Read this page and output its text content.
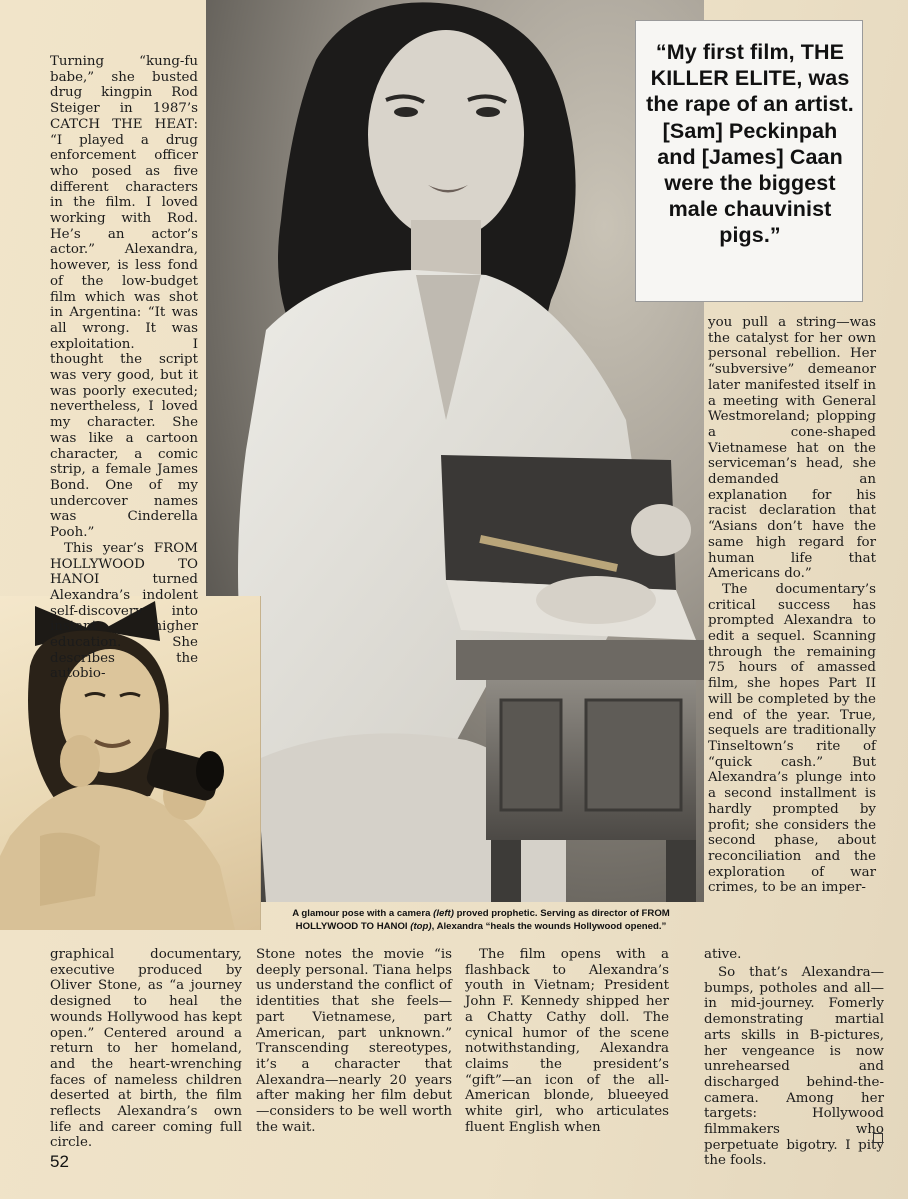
“My first film, THE KILLER ELITE, was the rape of an artist. [Sam] Peckinpah and [James] Caan were the biggest male chauvinist pigs.”

Turning “kung-fu babe,” she busted drug kingpin Rod Steiger in 1987’s CATCH THE HEAT: “I played a drug enforcement officer who posed as five different characters in the film. I loved working with Rod. He’s an actor’s actor.” Alexandra, however, is less fond of the low-budget film which was shot in Argentina: “It was all wrong. It was exploitation. I thought the script was very good, but it was poorly executed; nevertheless, I loved my character. She was like a cartoon character, a comic strip, a female James Bond. One of my undercover names was Cinderella Pooh.”

This year’s FROM HOLLYWOOD TO HANOI turned Alexandra’s indolent self-discovery into instant higher education. She describes the autobio-

you pull a string—was the catalyst for her own personal rebellion. Her “subversive” demeanor later manifested itself in a meeting with General Westmoreland; plopping a cone-shaped Vietnamese hat on the serviceman’s head, she demanded an explanation for his racist declaration that “Asians don’t have the same high regard for human life that Americans do.”

The documentary’s critical success has prompted Alexandra to edit a sequel. Scanning through the remaining 75 hours of amassed film, she hopes Part II will be completed by the end of the year. True, sequels are traditionally Tinseltown’s rite of “quick cash.” But Alexandra’s plunge into a second installment is hardly prompted by profit; she considers the second phase, about reconciliation and the exploration of war crimes, to be an imper-

A glamour pose with a camera (left) proved prophetic. Serving as director of FROM HOLLYWOOD TO HANOI (top), Alexandra “heals the wounds Hollywood opened.”

graphical documentary, executive produced by Oliver Stone, as “a journey designed to heal the wounds Hollywood has kept open.” Centered around a return to her homeland, and the heart-wrenching faces of nameless children deserted at birth, the film reflects Alexandra’s own life and career coming full circle.

Stone notes the movie “is deeply personal. Tiana helps us understand the conflict of identities that she feels—part Vietnamese, part American, part unknown.” Transcending stereotypes, it’s a character that Alexandra—nearly 20 years after making her film debut—considers to be well worth the wait.

The film opens with a flashback to Alexandra’s youth in Vietnam; President John F. Kennedy shipped her a Chatty Cathy doll. The cynical humor of the scene notwithstanding, Alexandra claims the president’s “gift”—an icon of the all-American blonde, blueeyed white girl, who articulates fluent English when

ative.

So that’s Alexandra—bumps, potholes and all—in mid-journey. Fomerly demonstrating martial arts skills in B-pictures, her vengeance is now unrehearsed and discharged behind-the-camera. Among her targets: Hollywood filmmakers who perpetuate bigotry. I pity the fools.

52
